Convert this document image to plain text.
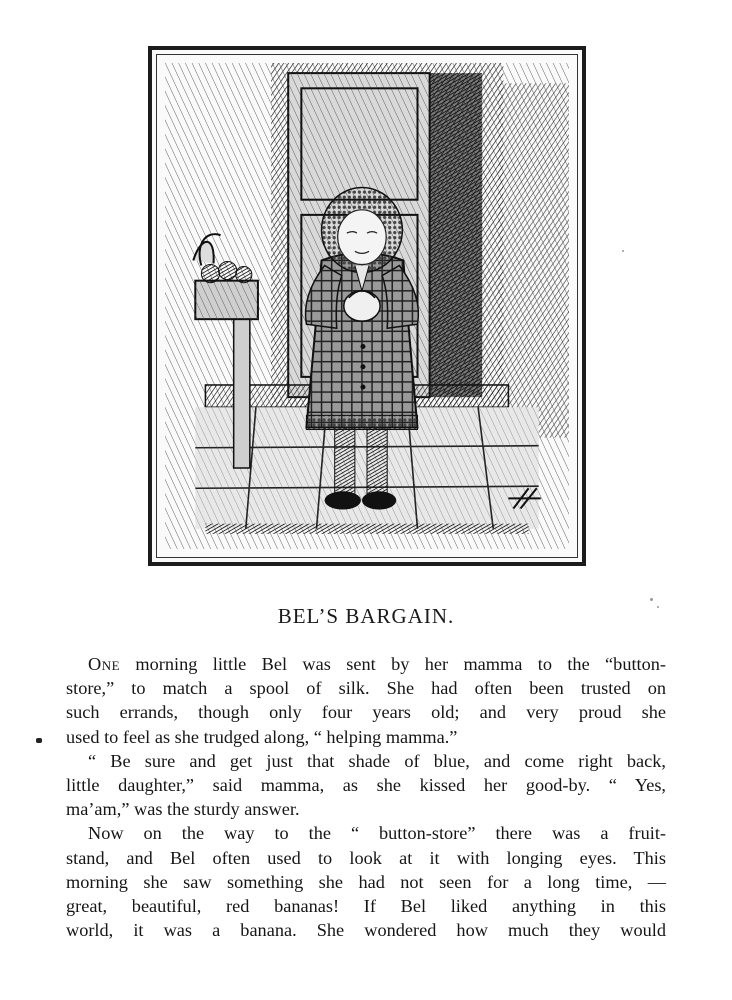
BEL’S BARGAIN.
One morning little Bel was sent by her mamma to the “button-
store,” to match a spool of silk. She had often been trusted on
such errands, though only four years old; and very proud she
used to feel as she trudged along, “ helping mamma.”
“ Be sure and get just that shade of blue, and come right back,
little daughter,” said mamma, as she kissed her good-by. “ Yes,
ma’am,” was the sturdy answer.
Now on the way to the “ button-store” there was a fruit-
stand, and Bel often used to look at it with longing eyes. This
morning she saw something she had not seen for a long time, —
great, beautiful, red bananas! If Bel liked anything in this
world, it was a banana. She wondered how much they would
